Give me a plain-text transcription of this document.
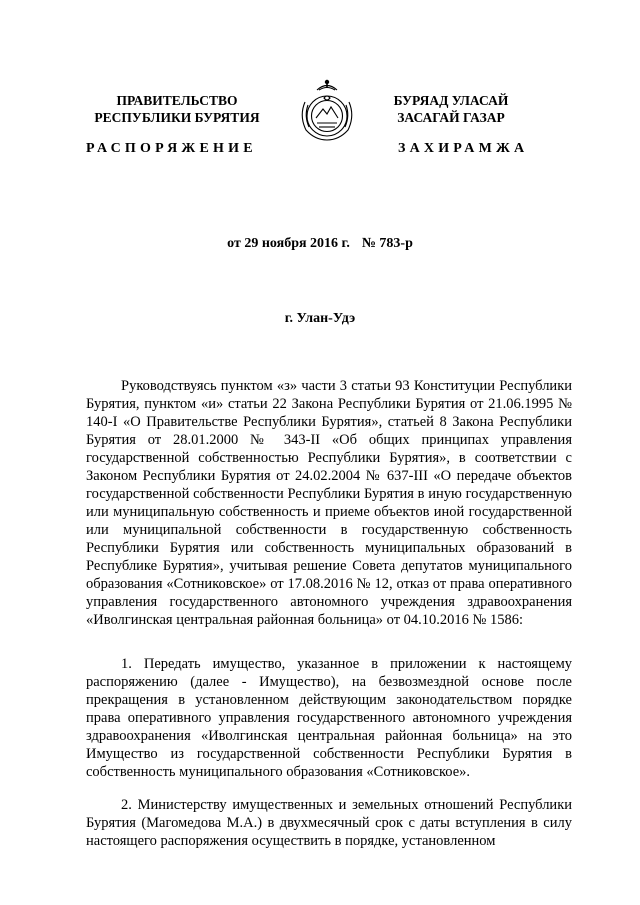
ПРАВИТЕЛЬСТВО
РЕСПУБЛИКИ БУРЯТИЯ
БУРЯАД УЛАСАЙ
ЗАСАГАЙ ГАЗАР
РАСПОРЯЖЕНИЕ	ЗАХИРАМЖА
от 29 ноября 2016 г. № 783-р
г. Улан-Удэ

Руководствуясь пунктом «з» части 3 статьи 93 Конституции Республики Бурятия, пунктом «и» статьи 22 Закона Республики Бурятия от 21.06.1995 № 140-I «О Правительстве Республики Бурятия», статьей 8 Закона Республики Бурятия от 28.01.2000 № 343-II «Об общих принципах управления государственной собственностью Республики Бурятия», в соответствии с Законом Республики Бурятия от 24.02.2004 № 637-III «О передаче объектов государственной собственности Республики Бурятия в иную государственную или муниципальную собственность и приеме объектов иной государственной или муниципальной собственности в государственную собственность Республики Бурятия или собственность муниципальных образований в Республике Бурятия», учитывая решение Совета депутатов муниципального образования «Сотниковское» от 17.08.2016 № 12, отказ от права оперативного управления государственного автономного учреждения здравоохранения «Иволгинская центральная районная больница» от 04.10.2016 № 1586:

1. Передать имущество, указанное в приложении к настоящему распоряжению (далее - Имущество), на безвозмездной основе после прекращения в установленном действующим законодательством порядке права оперативного управления государственного автономного учреждения здравоохранения «Иволгинская центральная районная больница» на это Имущество из государственной собственности Республики Бурятия в собственность муниципального образования «Сотниковское».

2. Министерству имущественных и земельных отношений Республики Бурятия (Магомедова М.А.) в двухмесячный срок с даты вступления в силу настоящего распоряжения осуществить в порядке, установленном
